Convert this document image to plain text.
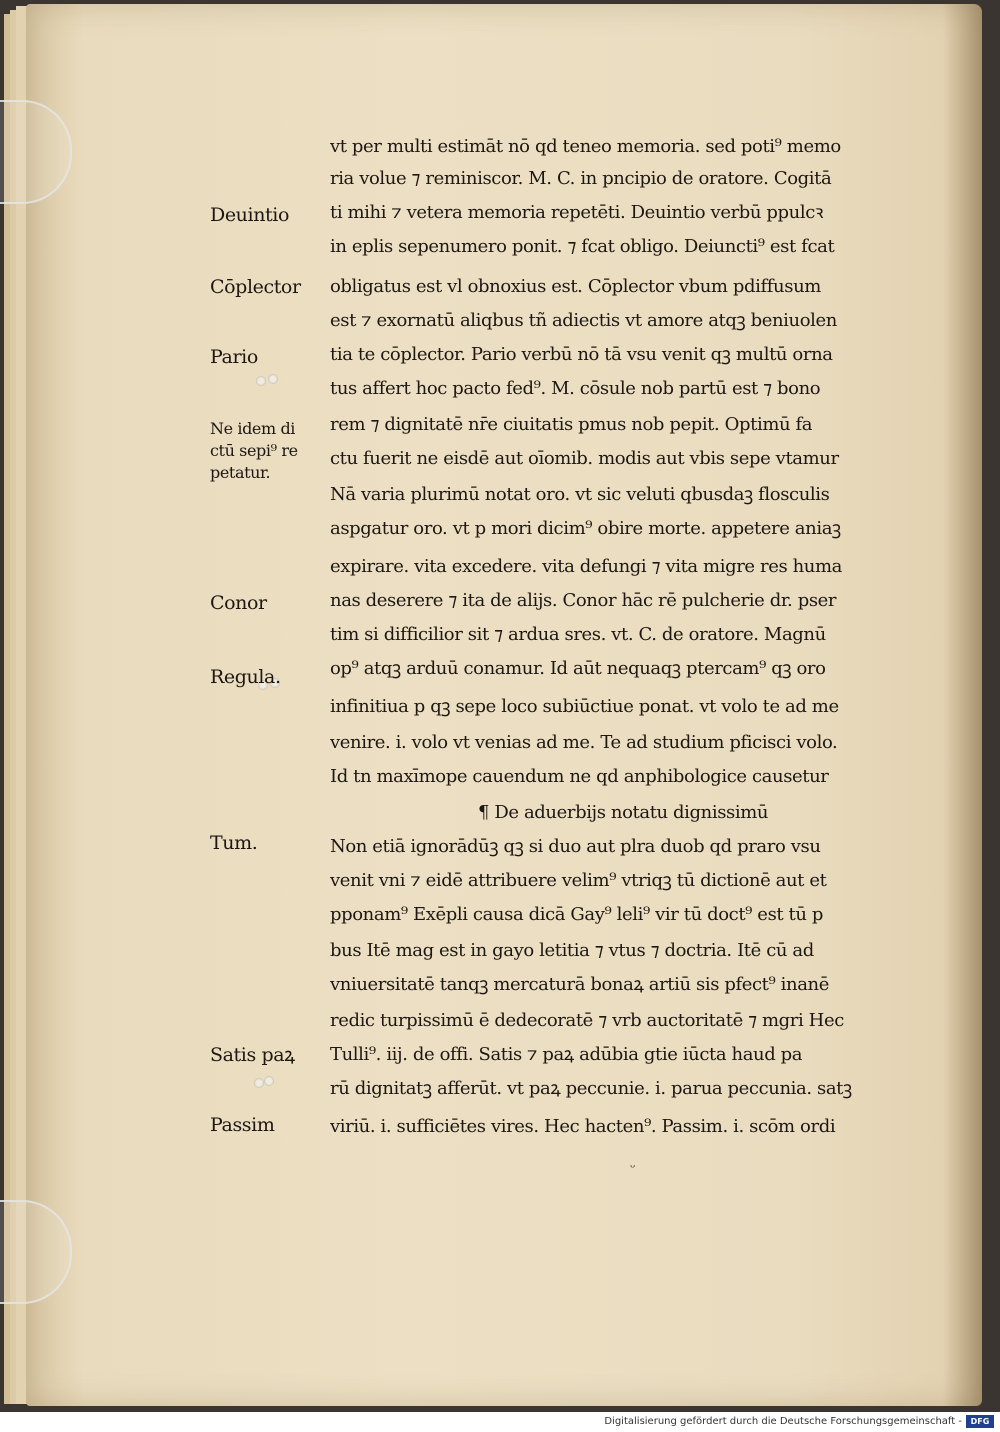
vt per multi estimāt nō qd teneo memoria. sed poti⁹ memo
ria volue ⁊ reminiscor. M. C. in pncipio de oratore. Cogitā
ti mihi ⁊ vetera memoria repetēti. Deuintio verbū ppulcꝛ
in eplis sepenumero ponit. ⁊ fcat obligo. Deiuncti⁹ est fcat
obligatus est vl obnoxius est. Cōplector vbum pdiffusum
est ⁊ exornatū aliqbus tñ adiectis vt amore atqꝫ beniuolen
tia te cōplector. Pario verbū nō tā vsu venit qꝫ multū orna
tus affert hoc pacto fed⁹. M. cōsule nob partū est ⁊ bono
rem ⁊ dignitatē nr̄e ciuitatis pmus nob pepit. Optimū fa
ctu fuerit ne eisdē aut oīomib. modis aut vbis sepe vtamur
Nā varia plurimū notat oro. vt sic veluti qbusdaꝫ flosculis
aspgatur oro. vt p mori dicim⁹ obire morte. appetere aniaꝫ
expirare. vita excedere. vita defungi ⁊ vita migre res huma
nas deserere ⁊ ita de alijs. Conor hāc rē pulcherie dr. pser
tim si difficilior sit ⁊ ardua sres. vt. C. de oratore. Magnū
op⁹ atqꝫ arduū conamur. Id aūt nequaqꝫ ptercam⁹ qꝫ oro
infinitiua p qꝫ sepe loco subiūctiue ponat. vt volo te ad me
venire. i. volo vt venias ad me. Te ad studium pficisci volo.
Id tn maxīmope cauendum ne qd anphibologice causetur
¶ De aduerbijs notatu dignissimū
Non etiā ignorādūꝫ qꝫ si duo aut plra duob qd praro vsu
venit vni ⁊ eidē attribuere velim⁹ vtriqꝫ tū dictionē aut et
pponam⁹ Exēpli causa dicā Gay⁹ leli⁹ vir tū doct⁹ est tū p
bus Itē mag est in gayo letitia ⁊ vtus ⁊ doctria. Itē cū ad
vniuersitatē tanqꝫ mercaturā bonaꝝ artiū sis pfect⁹ inanē
redic turpissimū ē dedecoratē ⁊ vrb auctoritatē ⁊ mgri Hec
Tulli⁹. iij. de offi. Satis ⁊ paꝝ adūbia gtie iūcta haud pa
rū dignitatꝫ afferūt. vt paꝝ peccunie. i. parua peccunia. satꝫ
viriū. i. sufficiētes vires. Hec hacten⁹. Passim. i. scōm ordi
Deuintio
Cōplector
Pario
Ne idem di ctū sepi⁹ re petatur.
Conor
Regula.
Tum.
Satis paꝝ
Passim
ᵕ
Digitalisierung gefördert durch die Deutsche Forschungsgemeinschaft -	DFG
